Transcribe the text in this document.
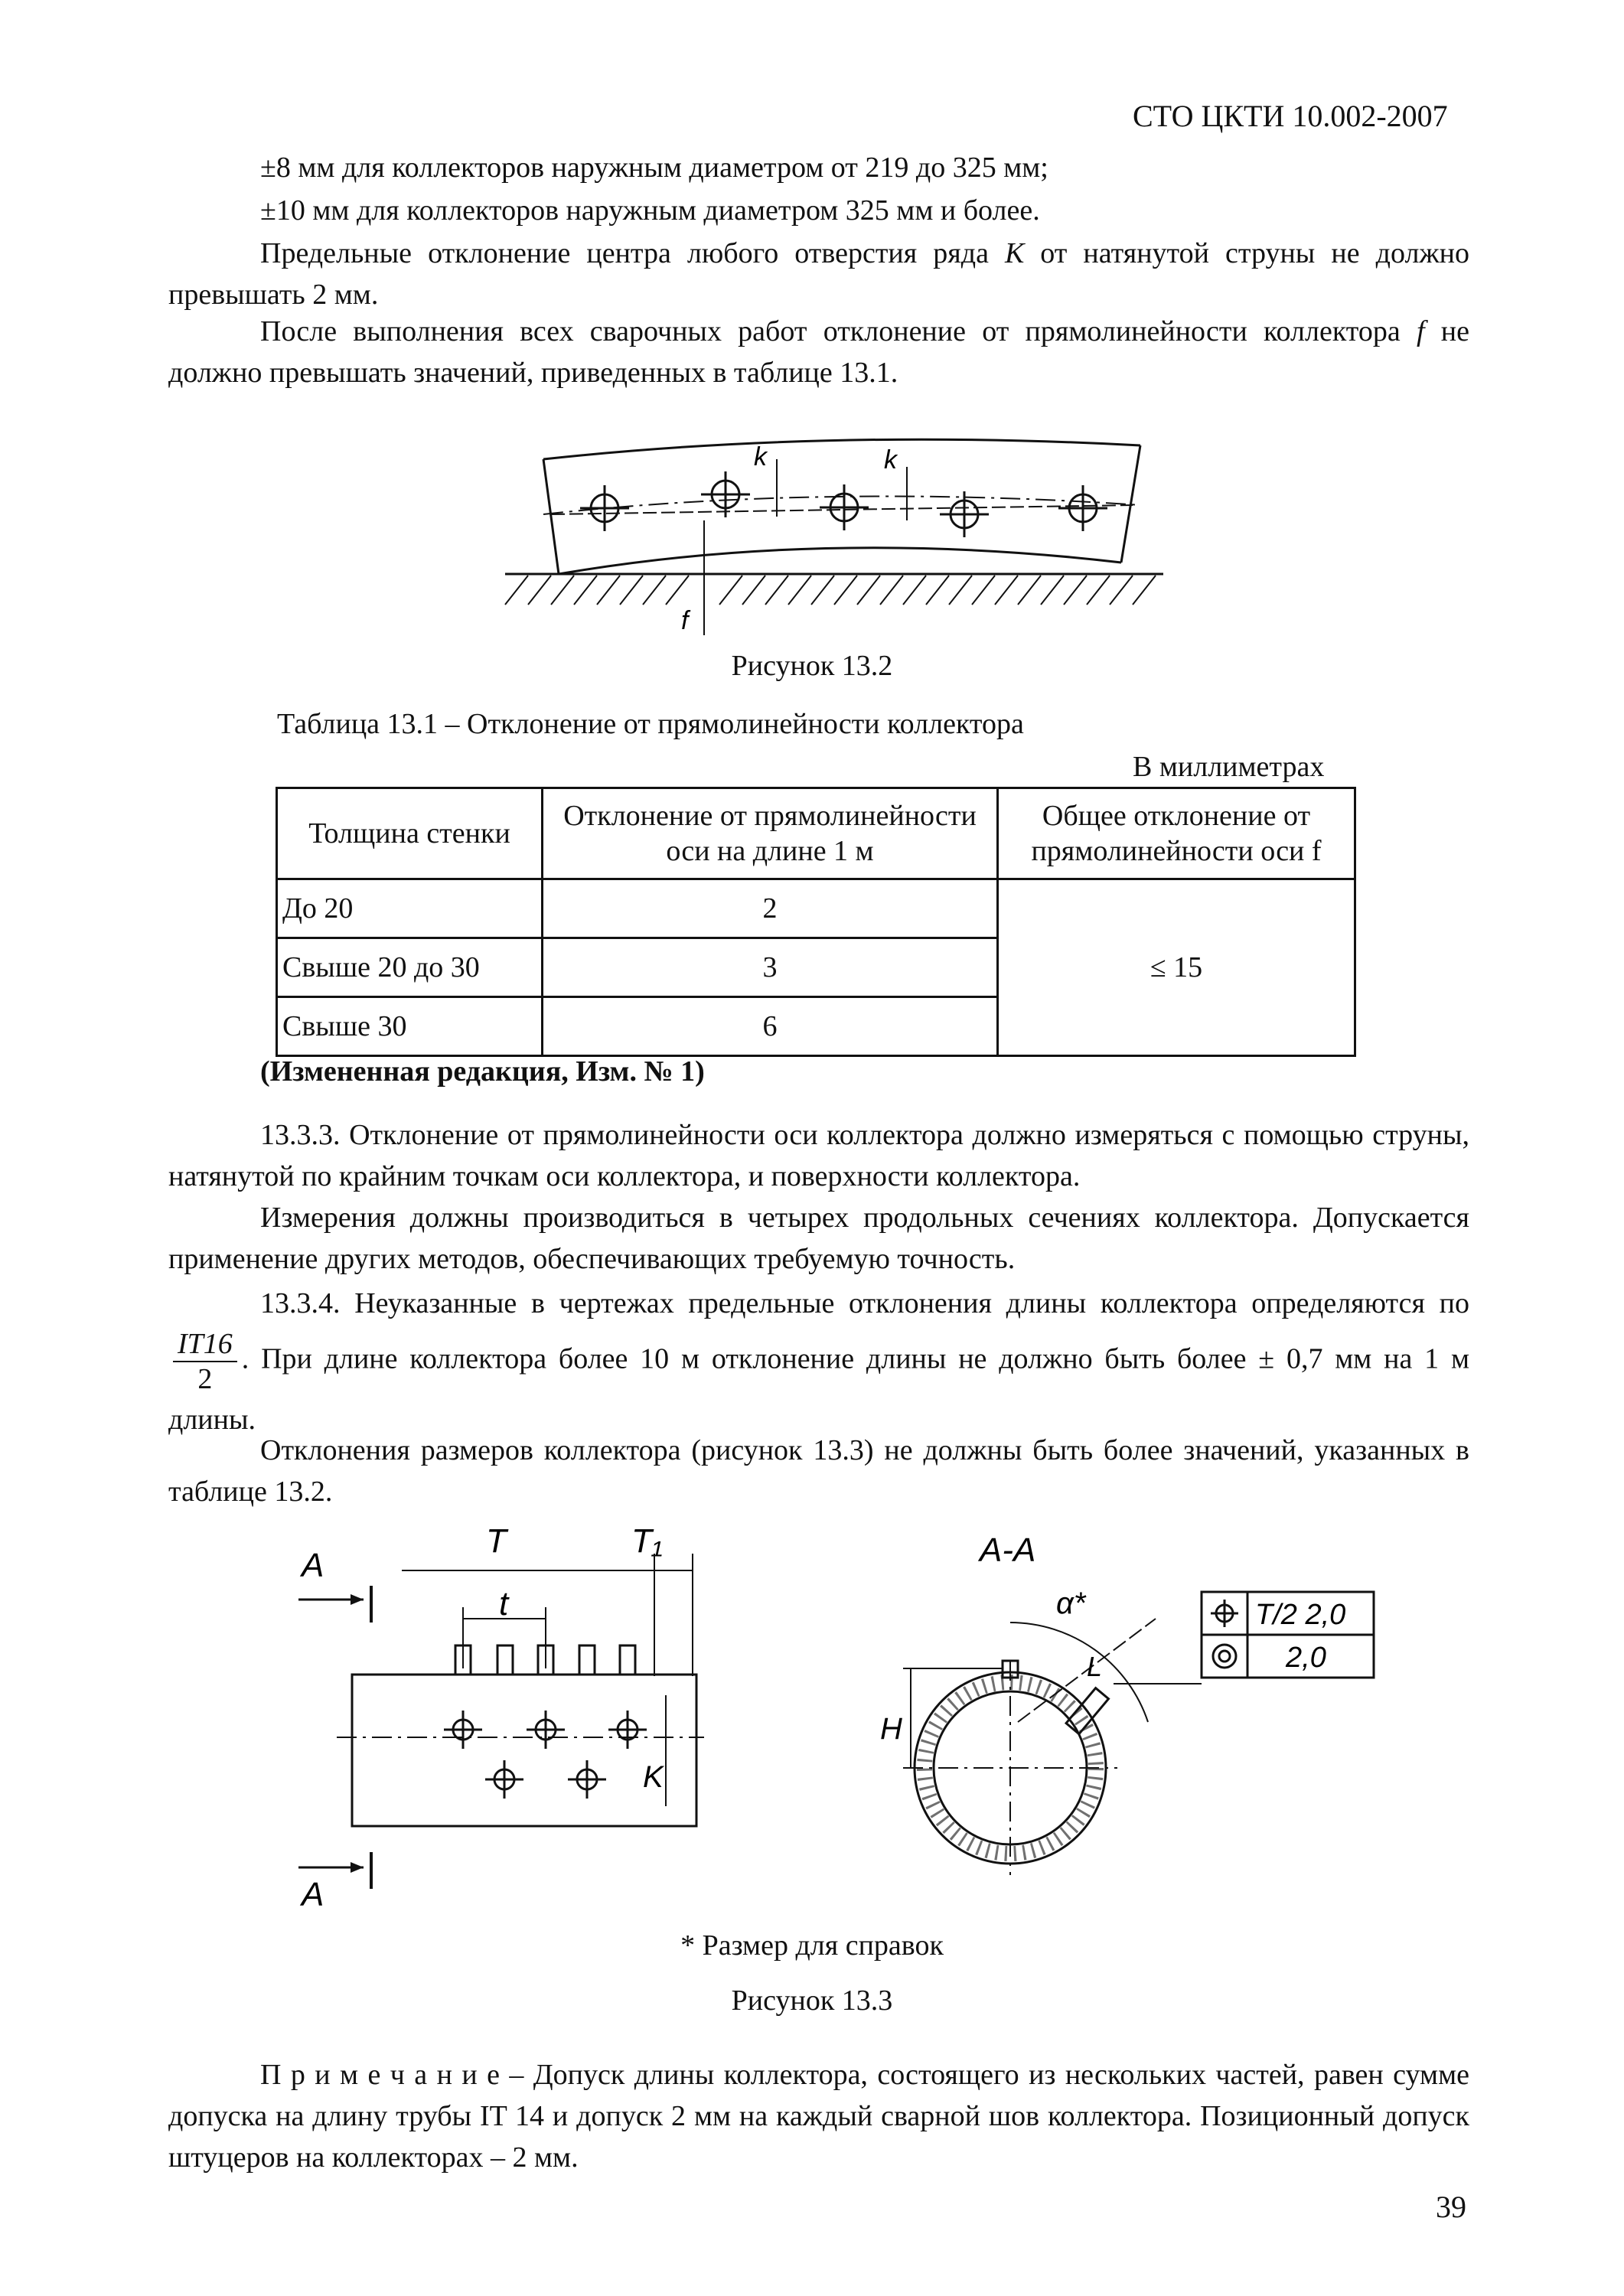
СТО ЦКТИ 10.002-2007
±8 мм для коллекторов наружным диаметром от 219 до 325 мм;
±10 мм для коллекторов наружным диаметром 325 мм и более.
Предельные отклонение центра любого отверстия ряда К от натянутой струны не должно превышать 2 мм.
После выполнения всех сварочных работ отклонение от прямолинейности коллектора f не должно превышать значений, приведенных в таблице 13.1.
k	k
f
Рисунок 13.2
Таблица 13.1 – Отклонение от прямолинейности коллектора
В миллиметрах
Толщина стенки	Отклонение от прямолинейности оси на длине 1 м	Общее отклонение от прямолинейности оси f
До 20	2	≤ 15
Свыше 20 до 30	3	
Свыше 30	6	
(Измененная редакция, Изм. № 1)
13.3.3. Отклонение от прямолинейности оси коллектора должно измеряться с помощью струны, натянутой по крайним точкам оси коллектора, и поверхности коллектора.
Измерения должны производиться в четырех продольных сечениях коллектора. Допускается применение других методов, обеспечивающих требуемую точность.
13.3.4. Неуказанные в чертежах предельные отклонения длины коллектора определяются по
$\frac{IT16}{2}$ . При длине коллектора более 10 м отклонение длины не должно быть более ± 0,7 мм на 1 м длины.
Отклонения размеров коллектора (рисунок 13.3) не должны быть более значений, указанных в таблице 13.2.
A
T	T₁
t
K
A
A-A
H
α*
L
T/2 2,0
2,0
* Размер для справок
Рисунок 13.3
П р и м е ч а н и е – Допуск длины коллектора, состоящего из нескольких частей, равен сумме допуска на длину трубы IT 14 и допуск 2 мм на каждый сварной шов коллектора. Позиционный допуск штуцеров на коллекторах – 2 мм.
39
